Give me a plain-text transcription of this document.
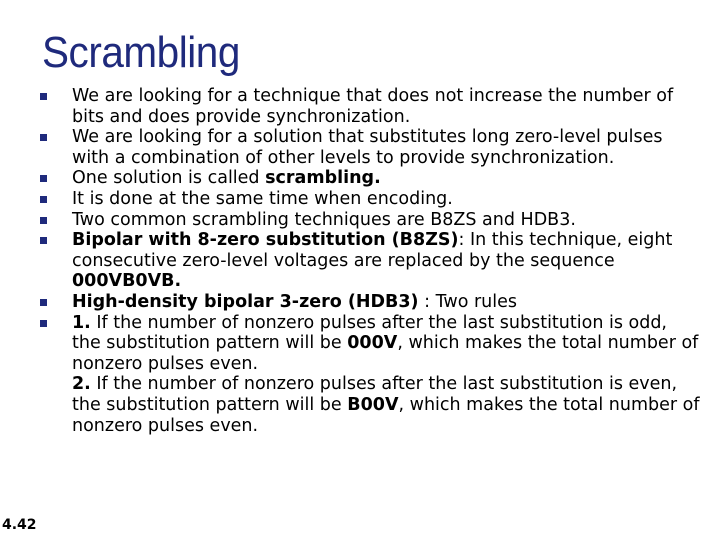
Scrambling
We are looking for a technique that does not increase the number of bits and does provide synchronization.
We are looking for a solution that substitutes long zero-level pulses with a combination of other levels to provide synchronization.
One solution is called scrambling.
It is done at the same time when encoding.
Two common scrambling techniques are B8ZS and HDB3.
Bipolar with 8-zero substitution (B8ZS): In this technique, eight consecutive zero-level voltages are replaced by the sequence 000VB0VB.
High-density bipolar 3-zero (HDB3) : Two rules
1. If the number of nonzero pulses after the last substitution is odd, the substitution pattern will be 000V, which makes the total number of nonzero pulses even.
2. If the number of nonzero pulses after the last substitution is even, the substitution pattern will be B00V, which makes the total number of nonzero pulses even.
4.42
